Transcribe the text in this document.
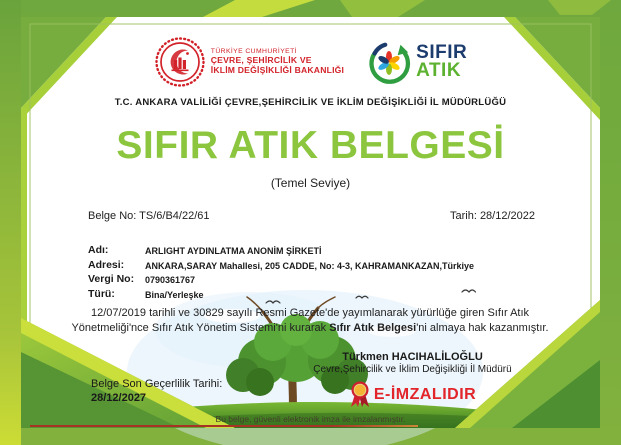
TÜRKİYE CUMHURİYETİ
ÇEVRE, ŞEHİRCİLİK VE
İKLİM DEĞİŞİKLİĞİ BAKANLIĞI
SIFIR
ATIK
T.C. ANKARA VALİLİĞİ ÇEVRE,ŞEHİRCİLİK VE İKLİM DEĞİŞİKLİĞİ İL MÜDÜRLÜĞÜ
SIFIR ATIK BELGESİ
(Temel Seviye)
Belge No: TS/6/B4/22/61	Tarih: 28/12/2022
Adı:	ARLIGHT AYDINLATMA ANONİM ŞİRKETİ
Adresi:	ANKARA,SARAY Mahallesi, 205 CADDE, No: 4-3, KAHRAMANKAZAN,Türkiye
Vergi No:	0790361767
Türü:	Bina/Yerleşke

12/07/2019 tarihli ve 30829 sayılı Resmi Gazete'de yayımlanarak yürürlüğe giren Sıfır Atık Yönetmeliği'nce Sıfır Atık Yönetim Sistemi'ni kurarak Sıfır Atık Belgesi'ni almaya hak kazanmıştır.

Türkmen HACIHALİLOĞLU
Çevre,Şehircilik ve İklim Değişikliği İl Müdürü
E-İMZALIDIR
Belge Son Geçerlilik Tarihi:
28/12/2027
Bu belge, güvenli elektronik imza ile imzalanmıştır.
